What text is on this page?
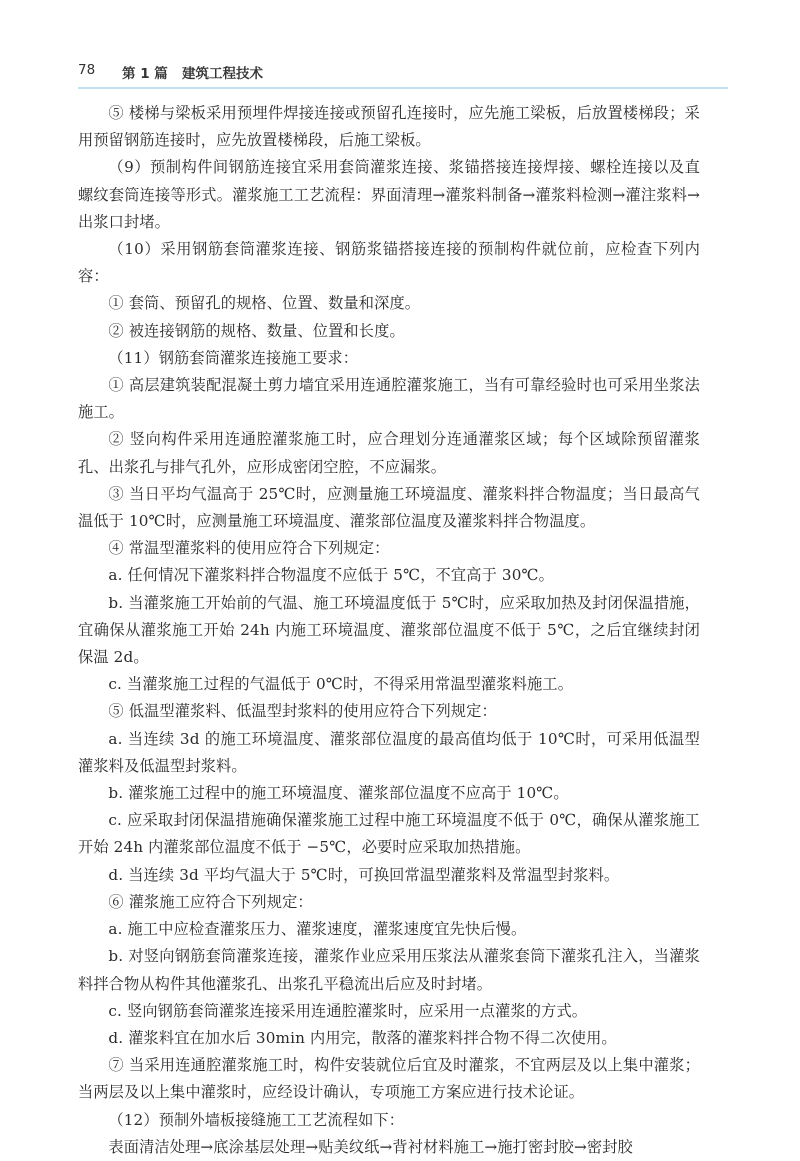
78 第 1 篇 建筑工程技术

⑤ 楼梯与梁板采用预埋件焊接连接或预留孔连接时，应先施工梁板，后放置楼梯段；采用预留钢筋连接时，应先放置楼梯段，后施工梁板。

（9）预制构件间钢筋连接宜采用套筒灌浆连接、浆锚搭接连接焊接、螺栓连接以及直螺纹套筒连接等形式。灌浆施工工艺流程：界面清理→灌浆料制备→灌浆料检测→灌注浆料→出浆口封堵。

（10）采用钢筋套筒灌浆连接、钢筋浆锚搭接连接的预制构件就位前，应检查下列内容：

① 套筒、预留孔的规格、位置、数量和深度。

② 被连接钢筋的规格、数量、位置和长度。

（11）钢筋套筒灌浆连接施工要求：

① 高层建筑装配混凝土剪力墙宜采用连通腔灌浆施工，当有可靠经验时也可采用坐浆法施工。

② 竖向构件采用连通腔灌浆施工时，应合理划分连通灌浆区域；每个区域除预留灌浆孔、出浆孔与排气孔外，应形成密闭空腔，不应漏浆。

③ 当日平均气温高于 25℃时，应测量施工环境温度、灌浆料拌合物温度；当日最高气温低于 10℃时，应测量施工环境温度、灌浆部位温度及灌浆料拌合物温度。

④ 常温型灌浆料的使用应符合下列规定：

a. 任何情况下灌浆料拌合物温度不应低于 5℃，不宜高于 30℃。

b. 当灌浆施工开始前的气温、施工环境温度低于 5℃时，应采取加热及封闭保温措施，宜确保从灌浆施工开始 24h 内施工环境温度、灌浆部位温度不低于 5℃，之后宜继续封闭保温 2d。

c. 当灌浆施工过程的气温低于 0℃时，不得采用常温型灌浆料施工。

⑤ 低温型灌浆料、低温型封浆料的使用应符合下列规定：

a. 当连续 3d 的施工环境温度、灌浆部位温度的最高值均低于 10℃时，可采用低温型灌浆料及低温型封浆料。

b. 灌浆施工过程中的施工环境温度、灌浆部位温度不应高于 10℃。

c. 应采取封闭保温措施确保灌浆施工过程中施工环境温度不低于 0℃，确保从灌浆施工开始 24h 内灌浆部位温度不低于 −5℃，必要时应采取加热措施。

d. 当连续 3d 平均气温大于 5℃时，可换回常温型灌浆料及常温型封浆料。

⑥ 灌浆施工应符合下列规定：

a. 施工中应检查灌浆压力、灌浆速度，灌浆速度宜先快后慢。

b. 对竖向钢筋套筒灌浆连接，灌浆作业应采用压浆法从灌浆套筒下灌浆孔注入，当灌浆料拌合物从构件其他灌浆孔、出浆孔平稳流出后应及时封堵。

c. 竖向钢筋套筒灌浆连接采用连通腔灌浆时，应采用一点灌浆的方式。

d. 灌浆料宜在加水后 30min 内用完，散落的灌浆料拌合物不得二次使用。

⑦ 当采用连通腔灌浆施工时，构件安装就位后宜及时灌浆，不宜两层及以上集中灌浆；当两层及以上集中灌浆时，应经设计确认，专项施工方案应进行技术论证。

（12）预制外墙板接缝施工工艺流程如下：

表面清洁处理→底涂基层处理→贴美纹纸→背衬材料施工→施打密封胶→密封胶
